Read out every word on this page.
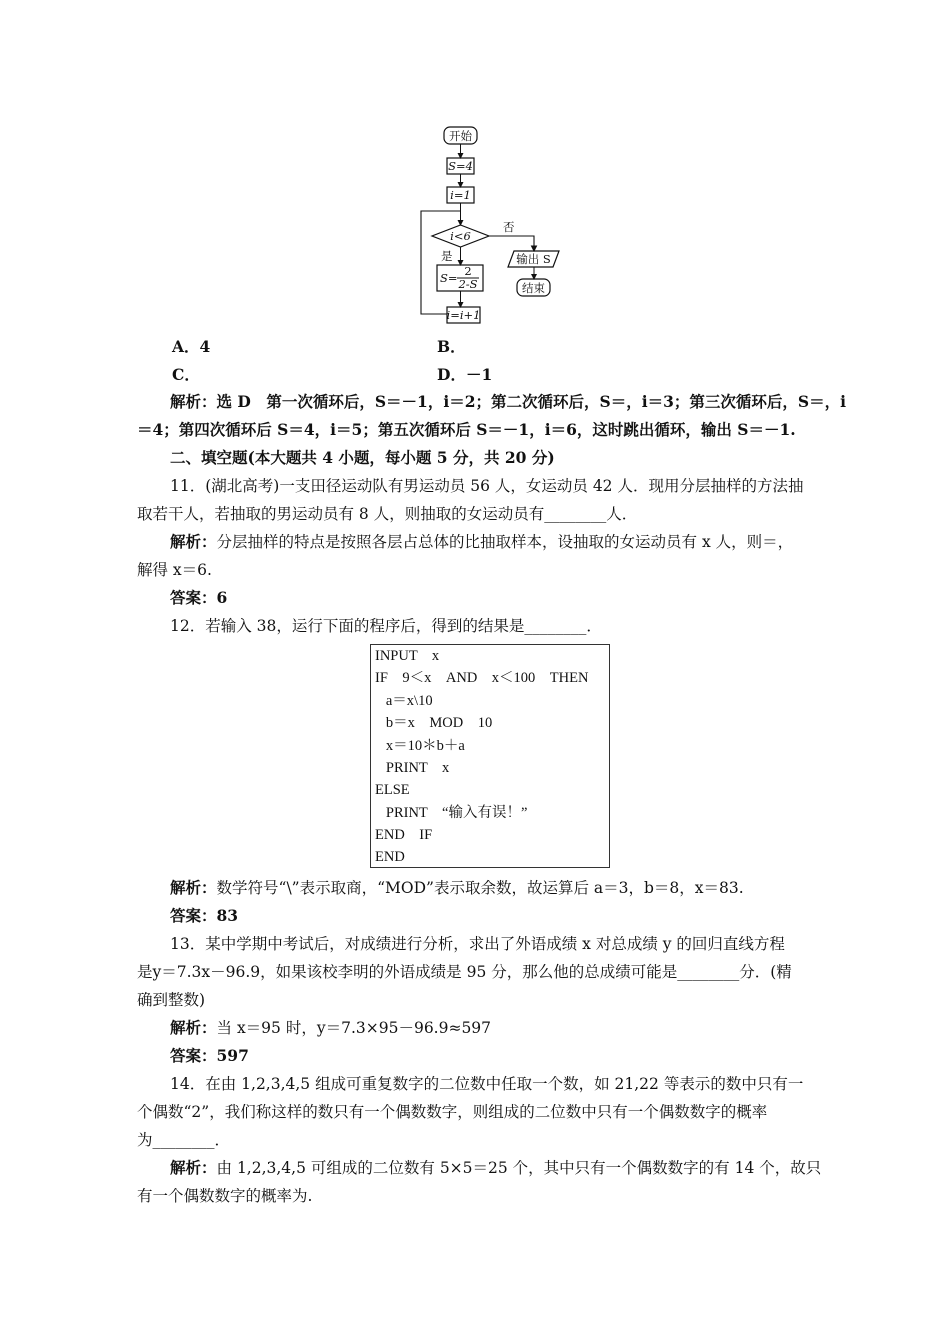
开始
S=4
i=1
i<6
否
是
S= 2
2-S
i=i+1
输出 S
结束
A．4	B．
C．	D．－1
解析：选 D　第一次循环后，S＝－1，i＝2；第二次循环后，S＝，i＝3；第三次循环后，S＝，i
＝4；第四次循环后 S＝4，i＝5；第五次循环后 S＝－1，i＝6，这时跳出循环，输出 S＝－1.
二、填空题(本大题共 4 小题，每小题 5 分，共 20 分)
11．(湖北高考)一支田径运动队有男运动员 56 人，女运动员 42 人．现用分层抽样的方法抽
取若干人，若抽取的男运动员有 8 人，则抽取的女运动员有________人．
解析：分层抽样的特点是按照各层占总体的比抽取样本，设抽取的女运动员有 x 人，则＝，
解得 x＝6.
答案：6
12．若输入 38，运行下面的程序后，得到的结果是________．
INPUT　x
IF　9＜x　AND　x＜100　THEN
a＝x\10
b＝x　MOD　10
x＝10＊b＋a
PRINT　x
ELSE
PRINT　“输入有误！”
END　IF
END
解析：数学符号“\”表示取商，“MOD”表示取余数，故运算后 a＝3，b＝8，x＝83.
答案：83
13．某中学期中考试后，对成绩进行分析，求出了外语成绩 x 对总成绩 y 的回归直线方程
是y＝7.3x－96.9，如果该校李明的外语成绩是 95 分，那么他的总成绩可能是________分．(精
确到整数)
解析：当 x＝95 时，y＝7.3×95－96.9≈597
答案：597
14．在由 1,2,3,4,5 组成可重复数字的二位数中任取一个数，如 21,22 等表示的数中只有一
个偶数“2”，我们称这样的数只有一个偶数数字，则组成的二位数中只有一个偶数数字的概率
为________．
解析：由 1,2,3,4,5 可组成的二位数有 5×5＝25 个，其中只有一个偶数数字的有 14 个，故只
有一个偶数数字的概率为.
